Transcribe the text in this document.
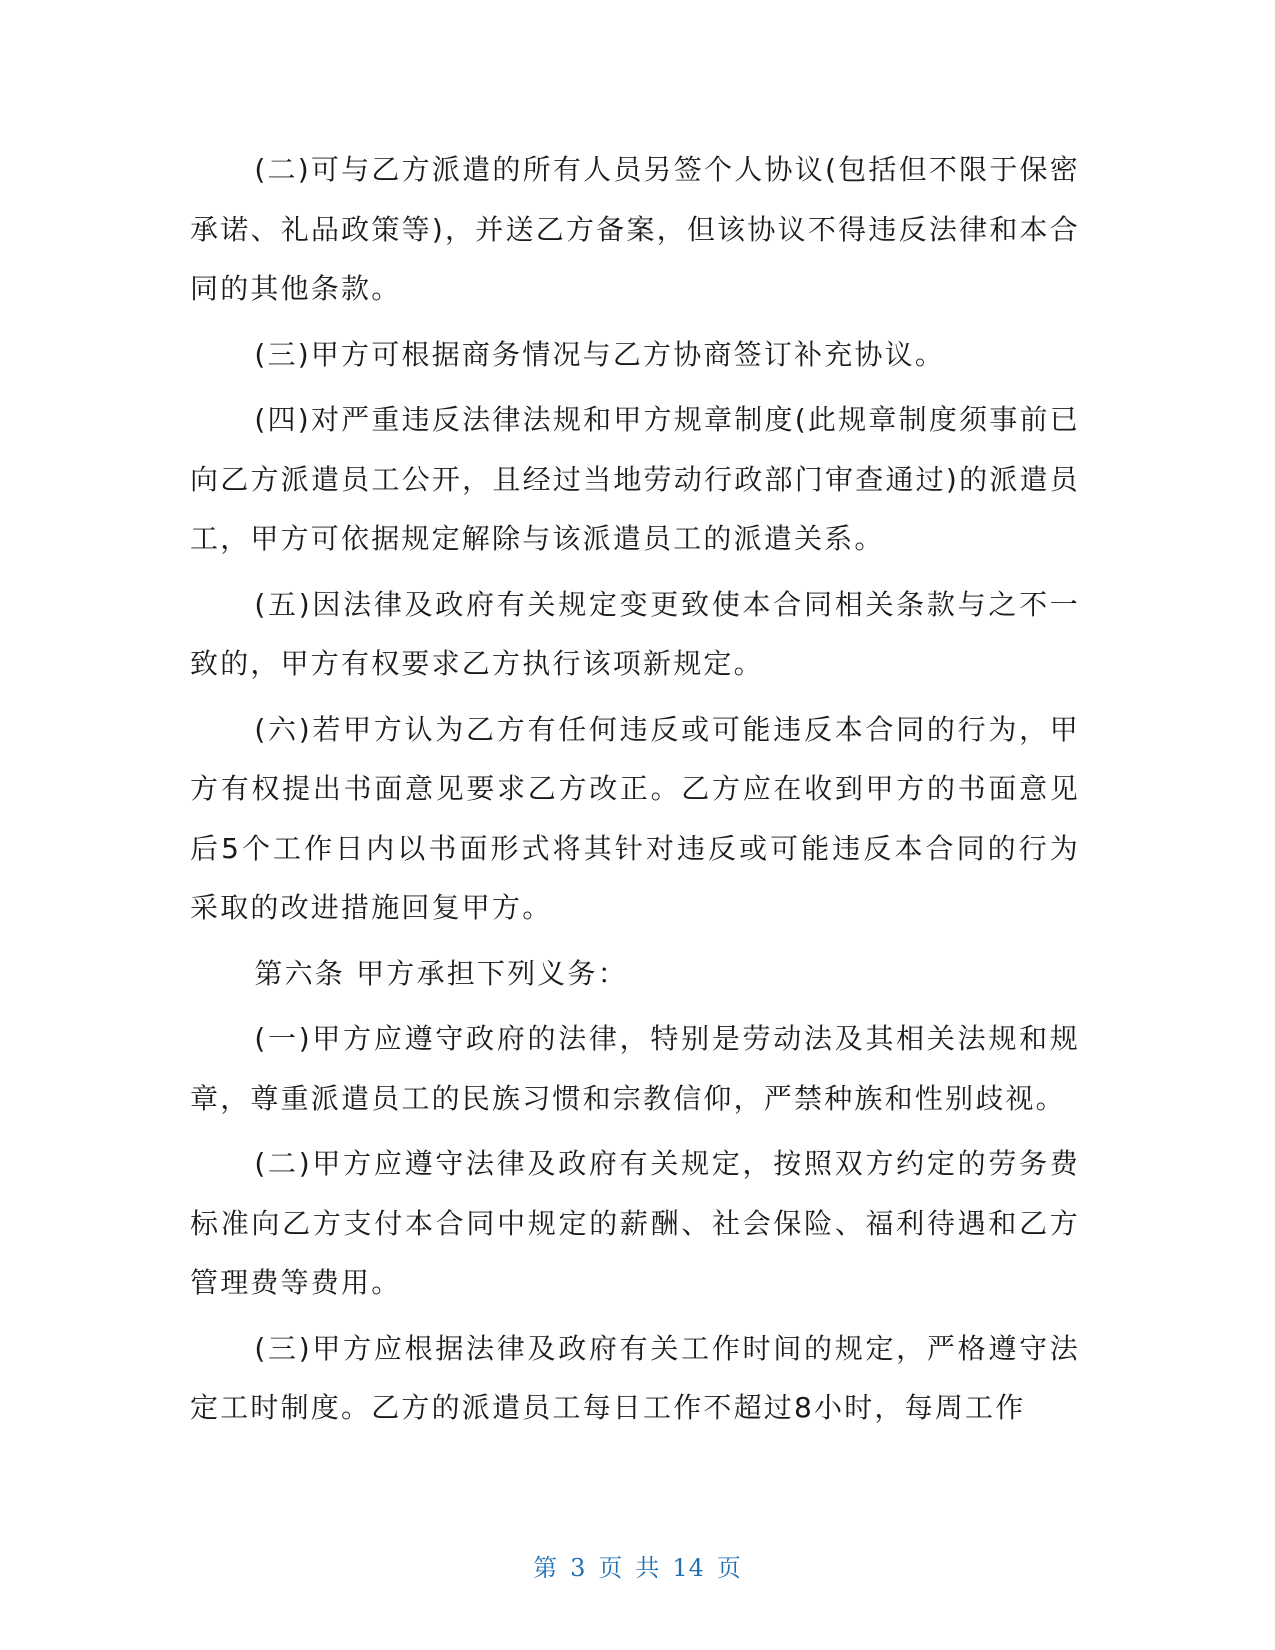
(二)可与乙方派遣的所有人员另签个人协议(包括但不限于保密承诺、礼品政策等)，并送乙方备案，但该协议不得违反法律和本合同的其他条款。

(三)甲方可根据商务情况与乙方协商签订补充协议。

(四)对严重违反法律法规和甲方规章制度(此规章制度须事前已向乙方派遣员工公开，且经过当地劳动行政部门审查通过)的派遣员工，甲方可依据规定解除与该派遣员工的派遣关系。

(五)因法律及政府有关规定变更致使本合同相关条款与之不一致的，甲方有权要求乙方执行该项新规定。

(六)若甲方认为乙方有任何违反或可能违反本合同的行为，甲方有权提出书面意见要求乙方改正。乙方应在收到甲方的书面意见后5个工作日内以书面形式将其针对违反或可能违反本合同的行为采取的改进措施回复甲方。

第六条 甲方承担下列义务：

(一)甲方应遵守政府的法律，特别是劳动法及其相关法规和规章，尊重派遣员工的民族习惯和宗教信仰，严禁种族和性别歧视。

(二)甲方应遵守法律及政府有关规定，按照双方约定的劳务费标准向乙方支付本合同中规定的薪酬、社会保险、福利待遇和乙方管理费等费用。

(三)甲方应根据法律及政府有关工作时间的规定，严格遵守法定工时制度。乙方的派遣员工每日工作不超过8小时，每周工作

第 3 页 共 14 页
